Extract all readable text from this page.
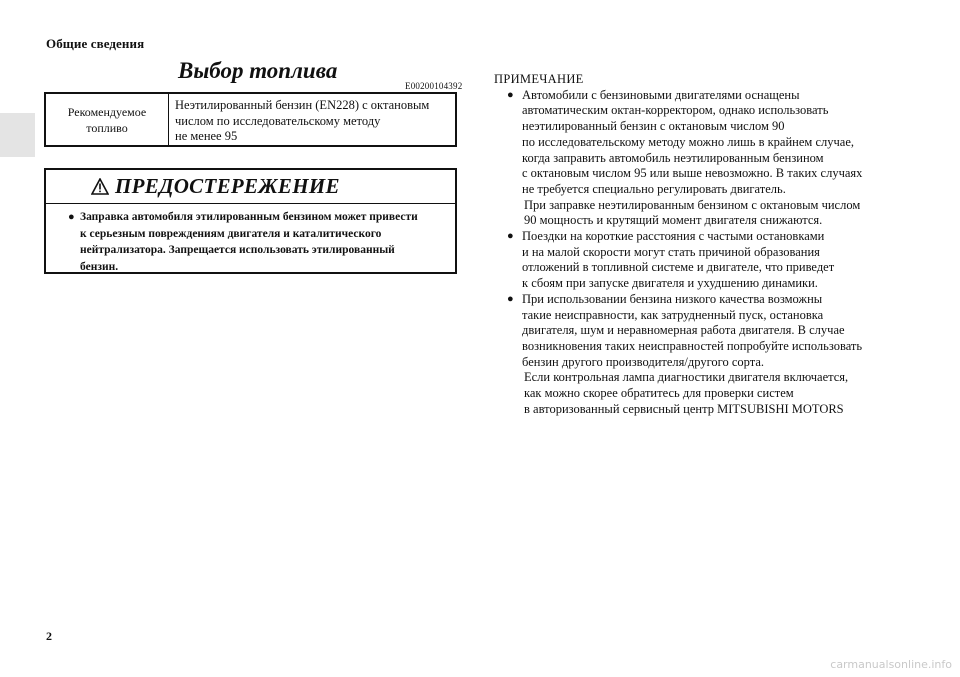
Общие сведения
Выбор топлива
E00200104392
Рекомендуемое топливо
Неэтилированный бензин (EN228) с октановым
числом по исследовательскому методу
не менее 95
ПРЕДОСТЕРЕЖЕНИЕ
● Заправка автомобиля этилированным бензином может привести
к серьезным повреждениям двигателя и каталитического
нейтрализатора. Запрещается использовать этилированный
бензин.
ПРИМЕЧАНИЕ
● Автомобили с бензиновыми двигателями оснащены

автоматическим октан-корректором, однако использовать

неэтилированный бензин с октановым числом 90

по исследовательскому методу можно лишь в крайнем случае,

когда заправить автомобиль неэтилированным бензином

с октановым числом 95 или выше невозможно. В таких случаях

не требуется специально регулировать двигатель.

При заправке неэтилированным бензином с октановым числом

90 мощность и крутящий момент двигателя снижаются.

● Поездки на короткие расстояния с частыми остановками

и на малой скорости могут стать причиной образования

отложений в топливной системе и двигателе, что приведет

к сбоям при запуске двигателя и ухудшению динамики.

● При использовании бензина низкого качества возможны

такие неисправности, как затрудненный пуск, остановка

двигателя, шум и неравномерная работа двигателя. В случае

возникновения таких неисправностей попробуйте использовать

бензин другого производителя/другого сорта.

Если контрольная лампа диагностики двигателя включается,

как можно скорее обратитесь для проверки систем

в авторизованный сервисный центр MITSUBISHI MOTORS

2
carmanualsonline.info
